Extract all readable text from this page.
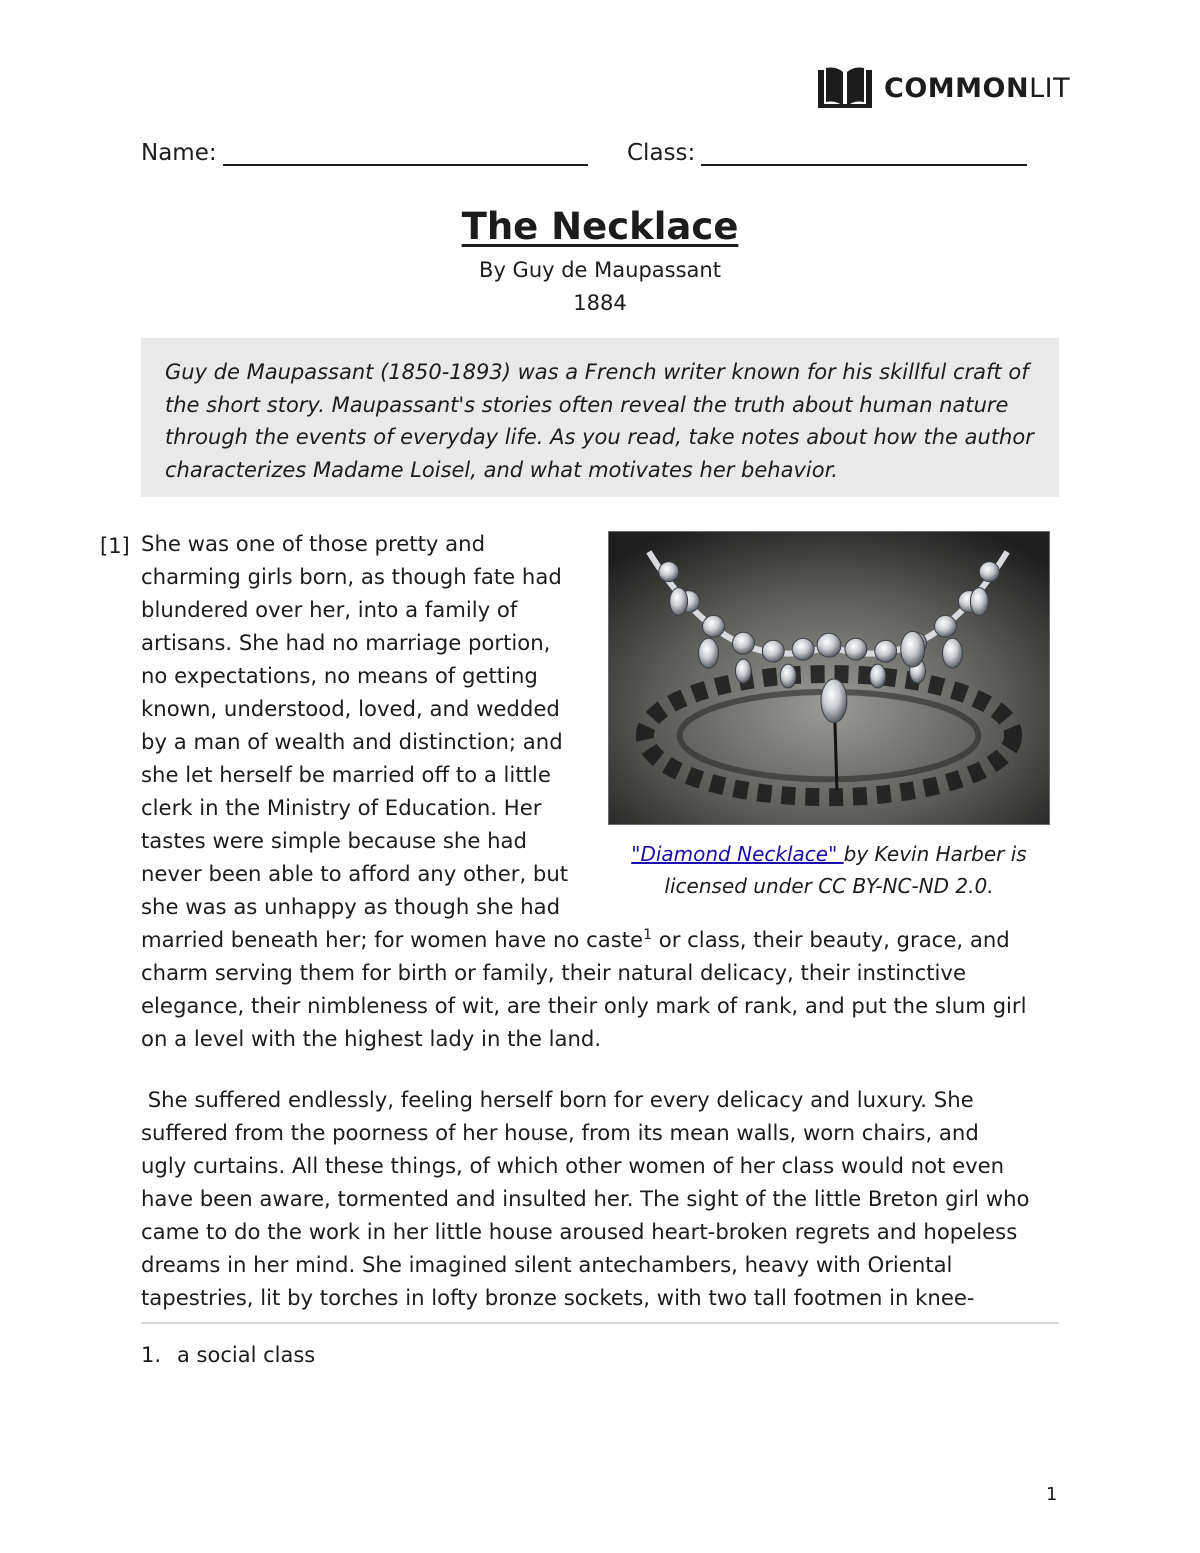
COMMONLIT
Name:	Class:
The Necklace
By Guy de Maupassant
1884
Guy de Maupassant (1850-1893) was a French writer known for his skillful craft of
the short story. Maupassant's stories often reveal the truth about human nature
through the events of everyday life. As you read, take notes about how the author
characterizes Madame Loisel, and what motivates her behavior.
[1] She was one of those pretty and
charming girls born, as though fate had
blundered over her, into a family of
artisans. She had no marriage portion,
no expectations, no means of getting
known, understood, loved, and wedded
by a man of wealth and distinction; and
she let herself be married off to a little
clerk in the Ministry of Education. Her
tastes were simple because she had
never been able to afford any other, but
she was as unhappy as though she had
married beneath her; for women have no caste$^1$ or class, their beauty, grace, and
charm serving them for birth or family, their natural delicacy, their instinctive
elegance, their nimbleness of wit, are their only mark of rank, and put the slum girl
on a level with the highest lady in the land.
"Diamond Necklace" by Kevin Harber is
licensed under CC BY-NC-ND 2.0.
She suffered endlessly, feeling herself born for every delicacy and luxury. She
suffered from the poorness of her house, from its mean walls, worn chairs, and
ugly curtains. All these things, of which other women of her class would not even
have been aware, tormented and insulted her. The sight of the little Breton girl who
came to do the work in her little house aroused heart-broken regrets and hopeless
dreams in her mind. She imagined silent antechambers, heavy with Oriental
tapestries, lit by torches in lofty bronze sockets, with two tall footmen in knee-
1. a social class
1
